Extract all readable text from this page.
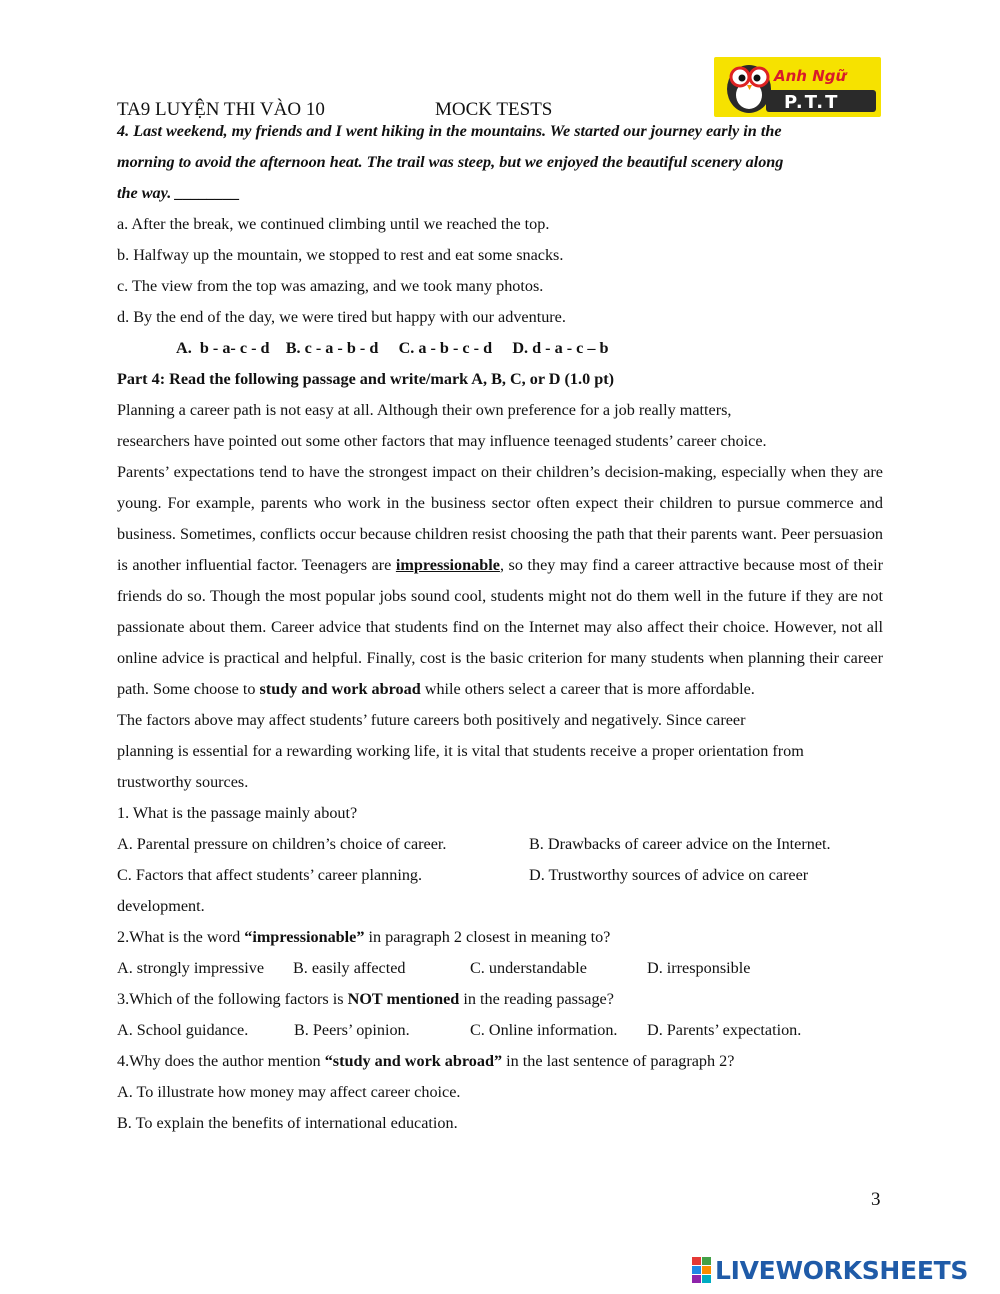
TA9 LUYỆN THI VÀO 10	MOCK TESTS
Anh Ngữ
P.T.T

4. Last weekend, my friends and I went hiking in the mountains. We started our journey early in the

morning to avoid the afternoon heat. The trail was steep, but we enjoyed the beautiful scenery along

the way. ________

a. After the break, we continued climbing until we reached the top.

b. Halfway up the mountain, we stopped to rest and eat some snacks.

c. The view from the top was amazing, and we took many photos.

d. By the end of the day, we were tired but happy with our adventure.

A.  b - a- c - d    B. c - a - b - d     C. a - b - c - d     D. d - a - c – b

Part 4: Read the following passage and write/mark A, B, C, or D (1.0 pt)

Planning a career path is not easy at all. Although their own preference for a job really matters,

researchers have pointed out some other factors that may influence teenaged students’ career choice.

Parents’ expectations tend to have the strongest impact on their children’s decision-making, especially when they are young. For example, parents who work in the business sector often expect their children to pursue commerce and business. Sometimes, conflicts occur because children resist choosing the path that their parents want. Peer persuasion is another influential factor. Teenagers are impressionable, so they may find a career attractive because most of their friends do so. Though the most popular jobs sound cool, students might not do them well in the future if they are not passionate about them. Career advice that students find on the Internet may also affect their choice. However, not all online advice is practical and helpful. Finally, cost is the basic criterion for many students when planning their career path. Some choose to study and work abroad while others select a career that is more affordable.

The factors above may affect students’ future careers both positively and negatively. Since career

planning is essential for a rewarding working life, it is vital that students receive a proper orientation from

trustworthy sources.

1. What is the passage mainly about?

A. Parental pressure on children’s choice of career.	B. Drawbacks of career advice on the Internet.
C. Factors that affect students’ career planning.	D. Trustworthy sources of advice on career

development.

2.What is the word “impressionable” in paragraph 2 closest in meaning to?

A. strongly impressive B. easily affected	C. understandable	D. irresponsible

3.Which of the following factors is NOT mentioned in the reading passage?

A. School guidance.	B. Peers’ opinion.	C. Online information. D. Parents’ expectation.

4.Why does the author mention “study and work abroad” in the last sentence of paragraph 2?

A. To illustrate how money may affect career choice.

B. To explain the benefits of international education.

3
LIVEWORKSHEETS
